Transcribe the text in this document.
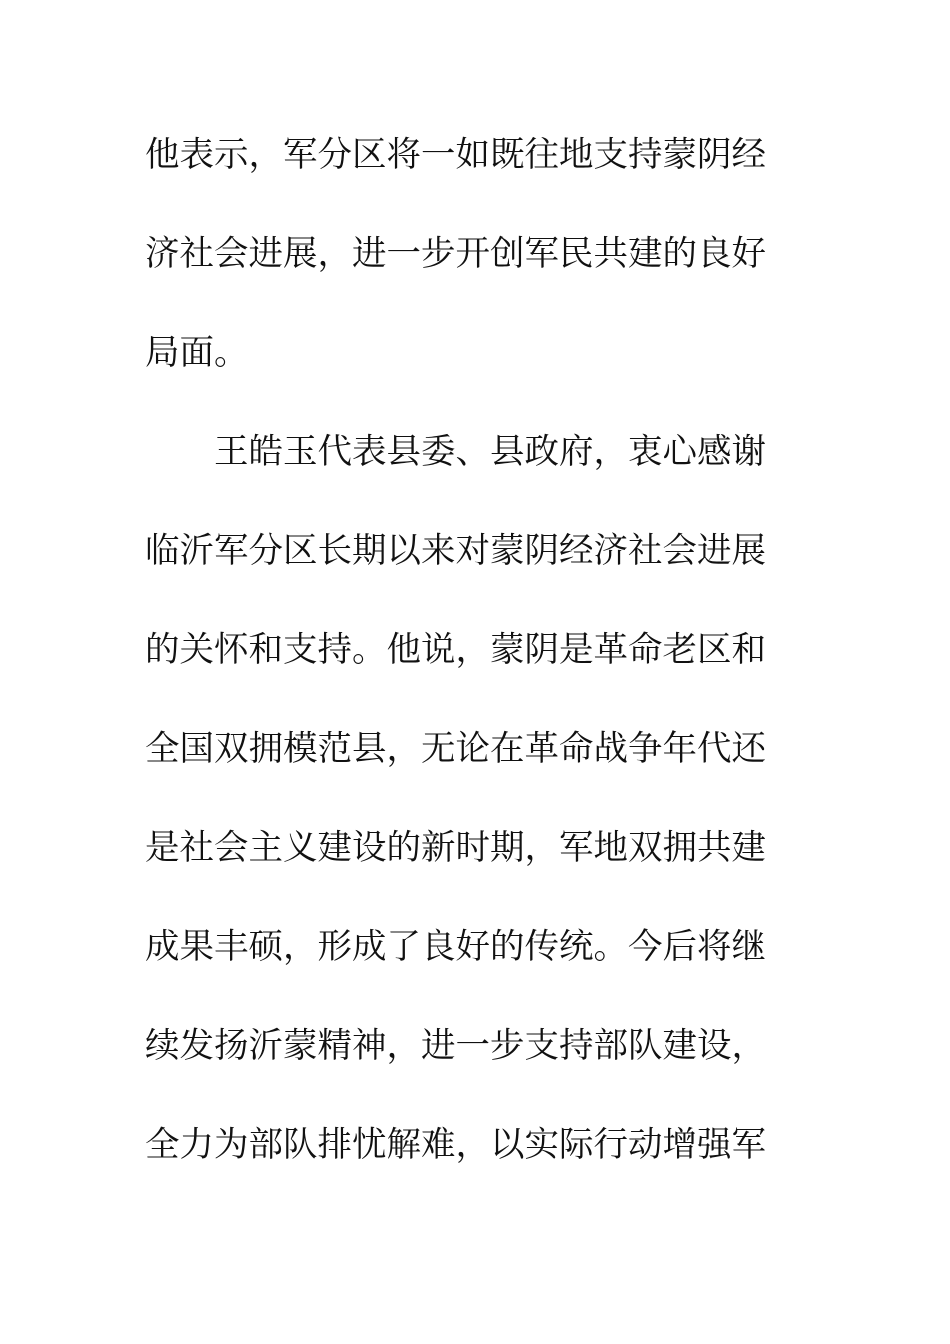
他表示，军分区将一如既往地支持蒙阴经
济社会进展，进一步开创军民共建的良好
局面。
王皓玉代表县委、县政府，衷心感谢
临沂军分区长期以来对蒙阴经济社会进展
的关怀和支持。他说，蒙阴是革命老区和
全国双拥模范县，无论在革命战争年代还
是社会主义建设的新时期，军地双拥共建
成果丰硕，形成了良好的传统。今后将继
续发扬沂蒙精神，进一步支持部队建设，
全力为部队排忧解难，以实际行动增强军
